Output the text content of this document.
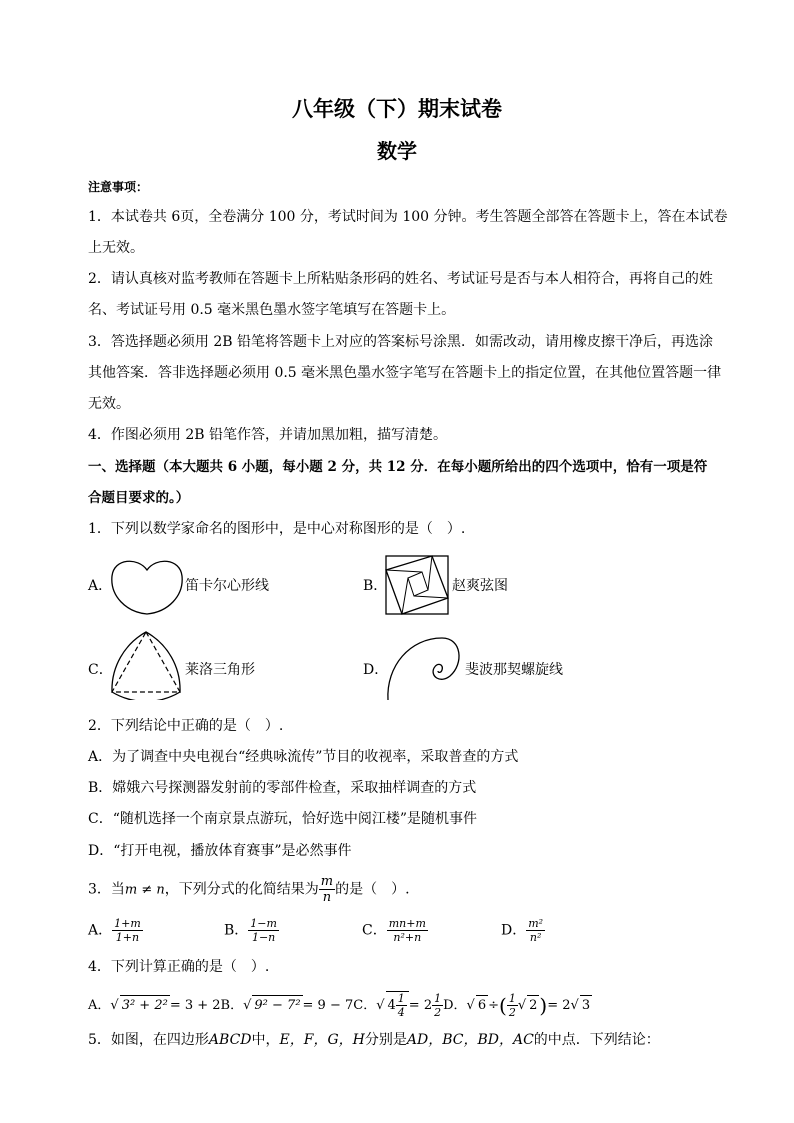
八年级（下）期末试卷
数学
注意事项：
1．本试卷共 6页，全卷满分 100 分，考试时间为 100 分钟。考生答题全部答在答题卡上，答在本试卷
上无效。
2．请认真核对监考教师在答题卡上所粘贴条形码的姓名、考试证号是否与本人相符合，再将自己的姓
名、考试证号用 0.5 毫米黑色墨水签字笔填写在答题卡上。
3．答选择题必须用 2B 铅笔将答题卡上对应的答案标号涂黑．如需改动，请用橡皮擦干净后，再选涂
其他答案．答非选择题必须用 0.5 毫米黑色墨水签字笔写在答题卡上的指定位置，在其他位置答题一律
无效。
4．作图必须用 2B 铅笔作答，并请加黑加粗，描写清楚。
一、选择题（本大题共 6 小题，每小题 2 分，共 12 分．在每小题所给出的四个选项中，恰有一项是符
合题目要求的。）
1．下列以数学家命名的图形中，是中心对称图形的是（　）.
A．	笛卡尔心形线	B．	赵爽弦图
C．	莱洛三角形	D．	斐波那契螺旋线
2．下列结论中正确的是（　）.
A．为了调查中央电视台“经典咏流传”节目的收视率，采取普查的方式
B．嫦娥六号探测器发射前的零部件检查，采取抽样调查的方式
C．“随机选择一个南京景点游玩，恰好选中阅江楼”是随机事件
D．“打开电视，播放体育赛事”是必然事件
3．当m ≠ n，下列分式的化简结果为 $\frac{m}{n}$ 的是（　）.
A． $\frac{1+m}{1+n}$	B． $\frac{1-m}{1-n}$	C． $\frac{mn+m}{\text{n²+n}}$	D． $\frac{\text{m²}}{\text{n²}}$
4．下列计算正确的是（　）.
A．√ 3² + 2² = 3 + 2B．√ 9² − 7² = 9 − 7C．√ $4 \frac{1}{4} = 2 \frac{1}{2}$ D．√ 6 ÷( $\frac{1}{2}$ √ 2 )= 2√ 3
5．如图，在四边形ABCD中，E，F，G，H分别是AD，BC，BD，AC的中点．下列结论：
